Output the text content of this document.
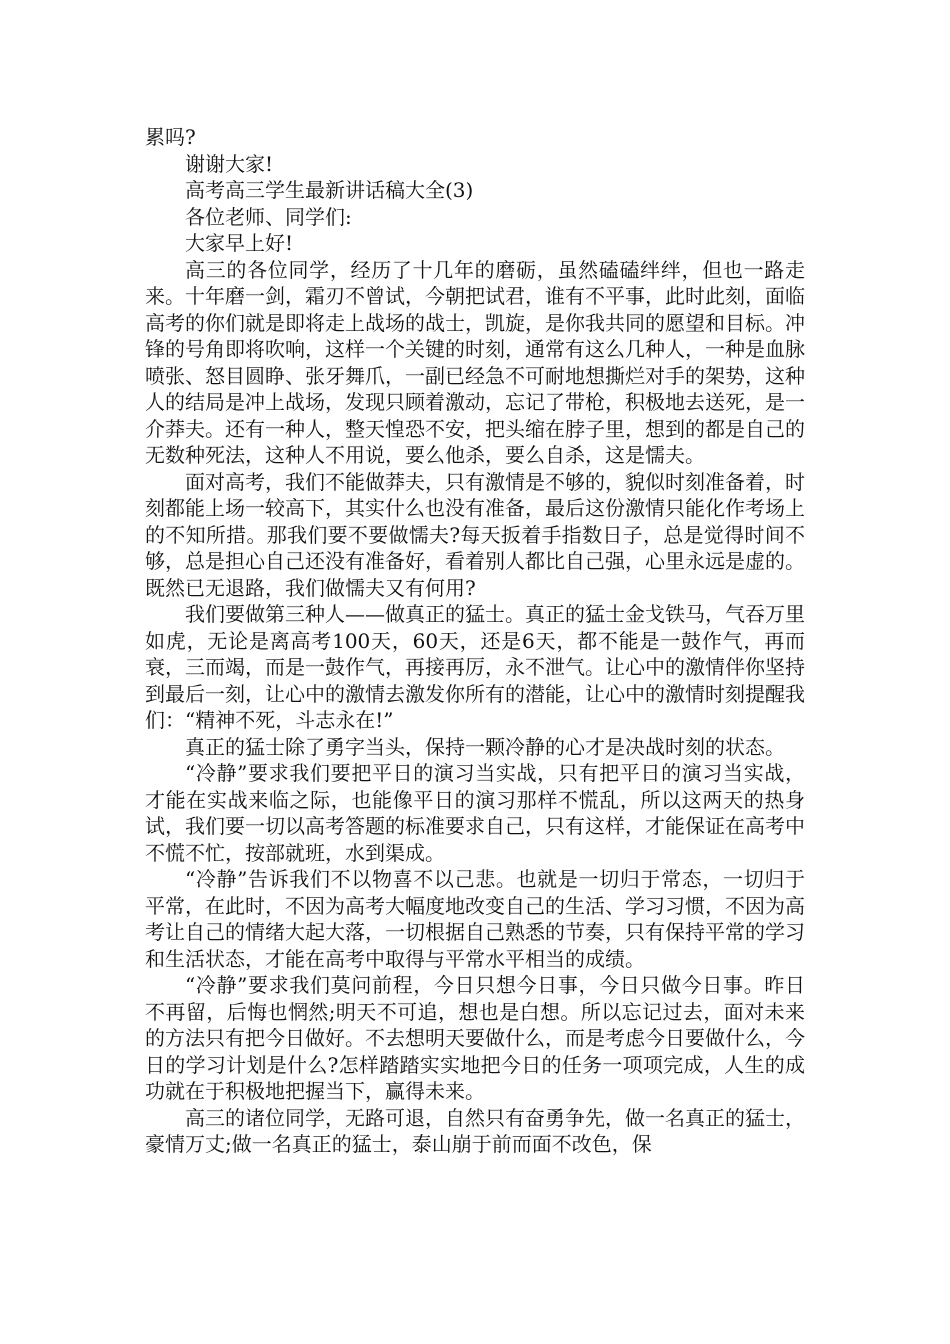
累吗?

谢谢大家!

高考高三学生最新讲话稿大全(3)

各位老师、同学们:

大家早上好!

高三的各位同学，经历了十几年的磨砺，虽然磕磕绊绊，但也一路走来。十年磨一剑，霜刃不曾试，今朝把试君，谁有不平事，此时此刻，面临高考的你们就是即将走上战场的战士，凯旋，是你我共同的愿望和目标。冲锋的号角即将吹响，这样一个关键的时刻，通常有这么几种人，一种是血脉喷张、怒目圆睁、张牙舞爪，一副已经急不可耐地想撕烂对手的架势，这种人的结局是冲上战场，发现只顾着激动，忘记了带枪，积极地去送死，是一介莽夫。还有一种人，整天惶恐不安，把头缩在脖子里，想到的都是自己的无数种死法，这种人不用说，要么他杀，要么自杀，这是懦夫。

面对高考，我们不能做莽夫，只有激情是不够的，貌似时刻准备着，时刻都能上场一较高下，其实什么也没有准备，最后这份激情只能化作考场上的不知所措。那我们要不要做懦夫?每天扳着手指数日子，总是觉得时间不够，总是担心自己还没有准备好，看着别人都比自己强，心里永远是虚的。既然已无退路，我们做懦夫又有何用?

我们要做第三种人——做真正的猛士。真正的猛士金戈铁马，气吞万里如虎，无论是离高考100天，60天，还是6天，都不能是一鼓作气，再而衰，三而竭，而是一鼓作气，再接再厉，永不泄气。让心中的激情伴你坚持到最后一刻，让心中的激情去激发你所有的潜能，让心中的激情时刻提醒我们：“精神不死，斗志永在!”

真正的猛士除了勇字当头，保持一颗冷静的心才是决战时刻的状态。

“冷静”要求我们要把平日的演习当实战，只有把平日的演习当实战，才能在实战来临之际，也能像平日的演习那样不慌乱，所以这两天的热身试，我们要一切以高考答题的标准要求自己，只有这样，才能保证在高考中不慌不忙，按部就班，水到渠成。

“冷静”告诉我们不以物喜不以己悲。也就是一切归于常态，一切归于平常，在此时，不因为高考大幅度地改变自己的生活、学习习惯，不因为高考让自己的情绪大起大落，一切根据自己熟悉的节奏，只有保持平常的学习和生活状态，才能在高考中取得与平常水平相当的成绩。

“冷静”要求我们莫问前程，今日只想今日事，今日只做今日事。昨日不再留，后悔也惘然;明天不可追，想也是白想。所以忘记过去，面对未来的方法只有把今日做好。不去想明天要做什么，而是考虑今日要做什么，今日的学习计划是什么?怎样踏踏实实地把今日的任务一项项完成，人生的成功就在于积极地把握当下，赢得未来。

高三的诸位同学，无路可退，自然只有奋勇争先，做一名真正的猛士，豪情万丈;做一名真正的猛士，泰山崩于前而面不改色，保
